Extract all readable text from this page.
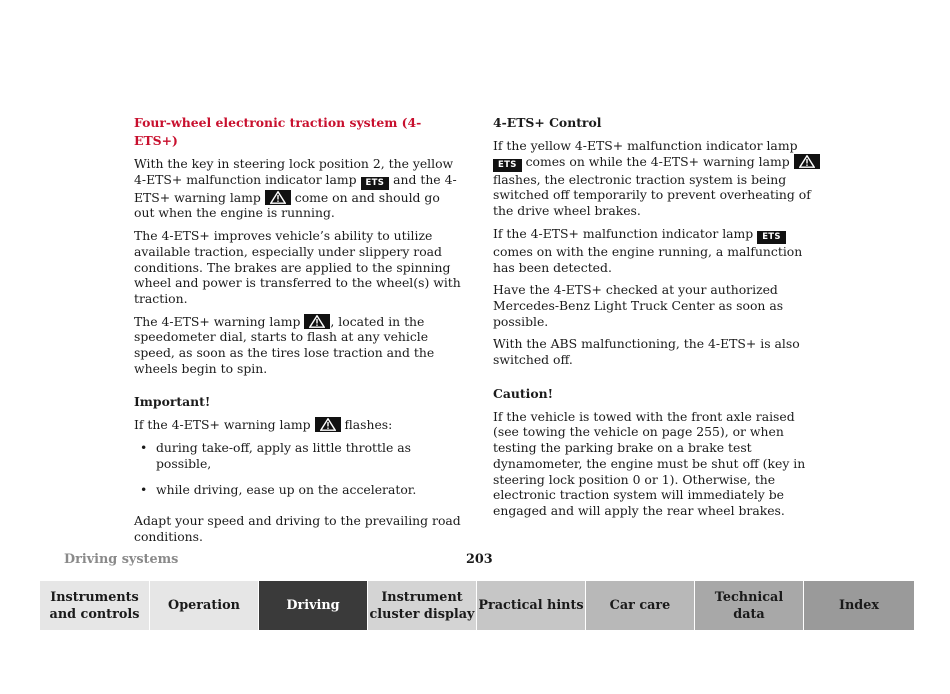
Four-wheel electronic traction system (4-ETS+)

With the key in steering lock position 2, the yellow 4-ETS+ malfunction indicator lamp ETS and the 4-ETS+ warning lamp
come on and should go out when the engine is running.

The 4-ETS+ improves vehicle’s ability to utilize available traction, especially under slippery road conditions. The brakes are applied to the spinning wheel and power is transferred to the wheel(s) with traction.

The 4-ETS+ warning lamp
, located in the speedometer dial, starts to flash at any vehicle speed, as soon as the tires lose traction and the wheels begin to spin.

Important!

If the 4-ETS+ warning lamp
flashes:

• during take-off, apply as little throttle as possible,
• while driving, ease up on the accelerator.

Adapt your speed and driving to the prevailing road conditions.

4-ETS+ Control

If the yellow 4-ETS+ malfunction indicator lamp ETS comes on while the 4-ETS+ warning lamp
flashes, the electronic traction system is being switched off temporarily to prevent overheating of the drive wheel brakes.

If the 4-ETS+ malfunction indicator lamp ETS comes on with the engine running, a malfunction has been detected.

Have the 4-ETS+ checked at your authorized Mercedes-Benz Light Truck Center as soon as possible.

With the ABS malfunctioning, the 4-ETS+ is also switched off.

Caution!

If the vehicle is towed with the front axle raised (see towing the vehicle on page 255), or when testing the parking brake on a brake test dynamometer, the engine must be shut off (key in steering lock position 0 or 1). Otherwise, the electronic traction system will immediately be engaged and will apply the rear wheel brakes.

Driving systems	203
Instruments
and controls
Operation	Driving
Instrument
cluster display
Practical hints	Car care
Technical
data
Index
